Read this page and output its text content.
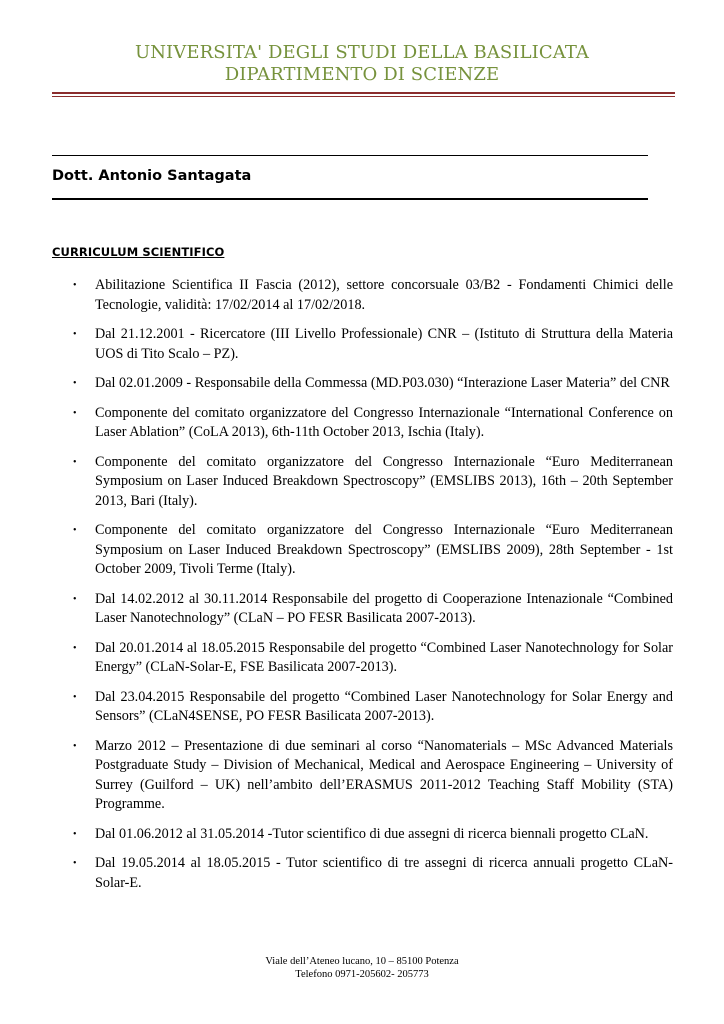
UNIVERSITA' DEGLI STUDI DELLA BASILICATA
DIPARTIMENTO DI SCIENZE
Dott. Antonio Santagata
CURRICULUM SCIENTIFICO
• Abilitazione Scientifica II Fascia (2012), settore concorsuale 03/B2 - Fondamenti Chimici delle Tecnologie, validità: 17/02/2014 al 17/02/2018.
• Dal 21.12.2001 - Ricercatore (III Livello Professionale) CNR – (Istituto di Struttura della Materia UOS di Tito Scalo – PZ).
• Dal 02.01.2009 - Responsabile della Commessa (MD.P03.030) “Interazione Laser Materia” del CNR
• Componente del comitato organizzatore del Congresso Internazionale “International Conference on Laser Ablation” (CoLA 2013), 6th-11th October 2013, Ischia (Italy).
• Componente del comitato organizzatore del Congresso Internazionale “Euro Mediterranean Symposium on Laser Induced Breakdown Spectroscopy” (EMSLIBS 2013), 16th – 20th September 2013, Bari (Italy).
• Componente del comitato organizzatore del Congresso Internazionale “Euro Mediterranean Symposium on Laser Induced Breakdown Spectroscopy” (EMSLIBS 2009), 28th September - 1st October 2009, Tivoli Terme (Italy).
• Dal 14.02.2012 al 30.11.2014 Responsabile del progetto di Cooperazione Intenazionale “Combined Laser Nanotechnology” (CLaN – PO FESR Basilicata 2007-2013).
• Dal 20.01.2014 al 18.05.2015 Responsabile del progetto “Combined Laser Nanotechnology for Solar Energy” (CLaN-Solar-E, FSE Basilicata 2007-2013).
• Dal 23.04.2015 Responsabile del progetto “Combined Laser Nanotechnology for Solar Energy and Sensors” (CLaN4SENSE, PO FESR Basilicata 2007-2013).
• Marzo 2012 – Presentazione di due seminari al corso “Nanomaterials – MSc Advanced Materials Postgraduate Study – Division of Mechanical, Medical and Aerospace Engineering – University of Surrey (Guilford – UK) nell’ambito dell’ERASMUS 2011-2012 Teaching Staff Mobility (STA) Programme.
• Dal 01.06.2012 al 31.05.2014 -Tutor scientifico di due assegni di ricerca biennali progetto CLaN.
• Dal 19.05.2014 al 18.05.2015 - Tutor scientifico di tre assegni di ricerca annuali progetto CLaN-Solar-E.
Viale dell’Ateneo lucano, 10 – 85100 Potenza
Telefono 0971-205602- 205773
